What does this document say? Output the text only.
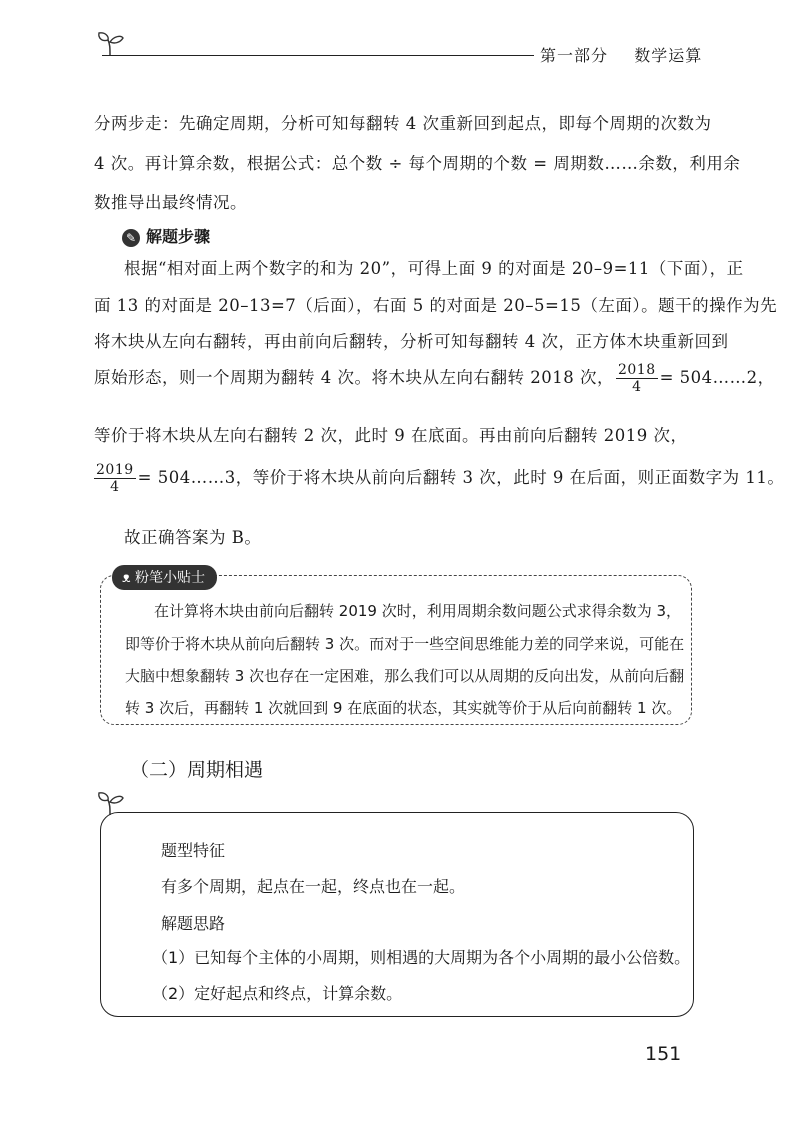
第一部分 数学运算
分两步走：先确定周期，分析可知每翻转 4 次重新回到起点，即每个周期的次数为
4 次。再计算余数，根据公式：总个数 ÷ 每个周期的个数 = 周期数……余数，利用余
数推导出最终情况。
✎ 解题步骤
根据“相对面上两个数字的和为 20”，可得上面 9 的对面是 20–9=11（下面），正
面 13 的对面是 20–13=7（后面），右面 5 的对面是 20–5=15（左面）。题干的操作为先
将木块从左向右翻转，再由前向后翻转，分析可知每翻转 4 次，正方体木块重新回到
原始形态，则一个周期为翻转 4 次。将木块从左向右翻转 2018 次， $\frac{2018}{4}$ = 504……2，
等价于将木块从左向右翻转 2 次，此时 9 在底面。再由前向后翻转 2019 次，
$\frac{2019}{4}$ = 504……3，等价于将木块从前向后翻转 3 次，此时 9 在后面，则正面数字为 11。
故正确答案为 B。
ᴥ 粉笔小贴士
在计算将木块由前向后翻转 2019 次时，利用周期余数问题公式求得余数为 3，
即等价于将木块从前向后翻转 3 次。而对于一些空间思维能力差的同学来说，可能在
大脑中想象翻转 3 次也存在一定困难，那么我们可以从周期的反向出发，从前向后翻
转 3 次后，再翻转 1 次就回到 9 在底面的状态，其实就等价于从后向前翻转 1 次。
（二）周期相遇
题型特征
有多个周期，起点在一起，终点也在一起。
解题思路
（1）已知每个主体的小周期，则相遇的大周期为各个小周期的最小公倍数。
（2）定好起点和终点，计算余数。
151
